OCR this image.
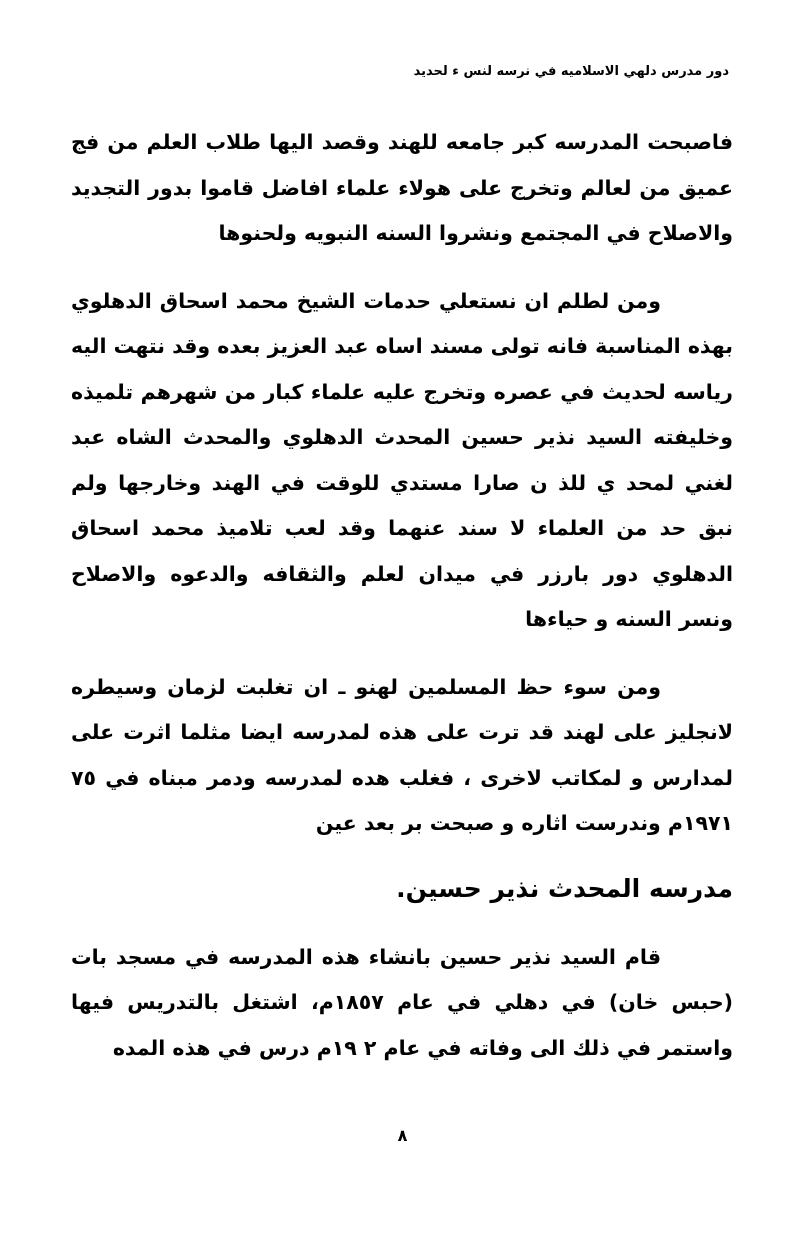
دور مدرس دلهي الاسلاميه في نرسه لنس ء لحديد

فاصبحت المدرسه كبر جامعه للهند وقصد اليها طلاب العلم من فج عميق من لعالم وتخرج على هولاء علماء افاضل قاموا بدور التجديد والاصلاح في المجتمع ونشروا السنه النبويه ولحنوها

ومن لطلم ان نستعلي حدمات الشيخ محمد اسحاق الدهلوي بهذه المناسبة فانه تولى مسند اساه عبد العزيز بعده وقد نتهت اليه رياسه لحديث في عصره وتخرج عليه علماء كبار من شهرهم تلميذه وخليفته السيد نذير حسين المحدث الدهلوي والمحدث الشاه عبد لغني لمحد ي للذ ن صارا مستدي للوقت في الهند وخارجها ولم نبق حد من العلماء لا سند عنهما وقد لعب تلاميذ محمد اسحاق الدهلوي دور بارزر في ميدان لعلم والثقافه والدعوه والاصلاح ونسر السنه و حياءها

ومن سوء حظ المسلمين لهنو ـ ان تغلبت لزمان وسيطره لانجليز على لهند قد ترت على هذه لمدرسه ايضا مثلما اثرت على لمدارس و لمكاتب لاخرى ، فغلب هده لمدرسه ودمر مبناه في ٧٥ ١٩٧١م وندرست اثاره و صبحت بر بعد عين

مدرسه المحدث نذير حسين.

قام السيد نذير حسين بانشاء هذه المدرسه في مسجد بات (حبس خان) في دهلي في عام ١٨٥٧م، اشتغل بالتدريس فيها واستمر في ذلك الى وفاته في عام ٢ ١٩م درس في هذه المده

٨
